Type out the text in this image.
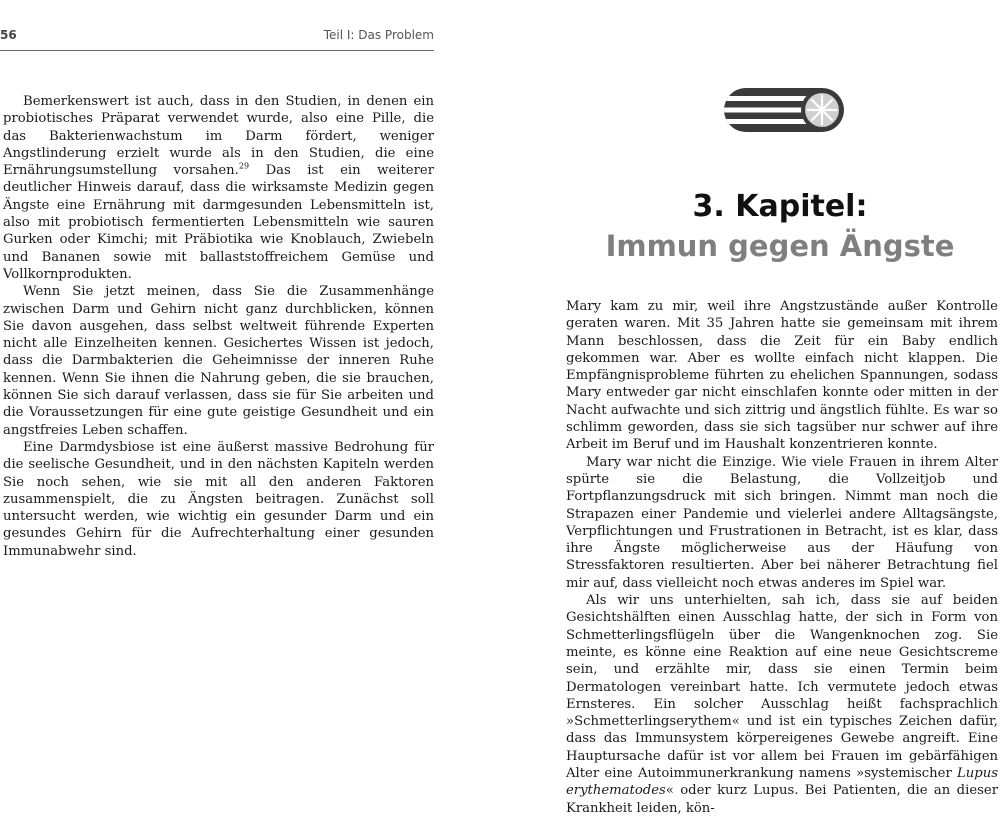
56	Teil I: Das Problem

Bemerkenswert ist auch, dass in den Studien, in denen ein probiotisches Präparat verwendet wurde, also eine Pille, die das Bakterienwachstum im Darm fördert, weniger Angstlinderung erzielt wurde als in den Studien, die eine Ernährungsumstellung vorsahen.$^{29}$ Das ist ein weiterer deutlicher Hinweis darauf, dass die wirksamste Medizin gegen Ängste eine Ernährung mit darmgesunden Lebensmitteln ist, also mit probiotisch fermentierten Lebensmitteln wie sauren Gurken oder Kimchi; mit Präbiotika wie Knoblauch, Zwiebeln und Bananen sowie mit ballaststoffreichem Gemüse und Vollkornprodukten.

Wenn Sie jetzt meinen, dass Sie die Zusammenhänge zwischen Darm und Gehirn nicht ganz durchblicken, können Sie davon ausgehen, dass selbst weltweit führende Experten nicht alle Einzelheiten kennen. Gesichertes Wissen ist jedoch, dass die Darmbakterien die Geheimnisse der inneren Ruhe kennen. Wenn Sie ihnen die Nahrung geben, die sie brauchen, können Sie sich darauf verlassen, dass sie für Sie arbeiten und die Voraussetzungen für eine gute geistige Gesundheit und ein angstfreies Leben schaffen.

Eine Darmdysbiose ist eine äußerst massive Bedrohung für die seelische Gesundheit, und in den nächsten Kapiteln werden Sie noch sehen, wie sie mit all den anderen Faktoren zusammenspielt, die zu Ängsten beitragen. Zunächst soll untersucht werden, wie wichtig ein gesunder Darm und ein gesundes Gehirn für die Aufrechterhaltung einer gesunden Immunabwehr sind.

3. Kapitel:
Immun gegen Ängste

Mary kam zu mir, weil ihre Angstzustände außer Kontrolle geraten waren. Mit 35 Jahren hatte sie gemeinsam mit ihrem Mann beschlossen, dass die Zeit für ein Baby endlich gekommen war. Aber es wollte einfach nicht klappen. Die Empfängnisprobleme führten zu ehelichen Spannungen, sodass Mary entweder gar nicht einschlafen konnte oder mitten in der Nacht aufwachte und sich zittrig und ängstlich fühlte. Es war so schlimm geworden, dass sie sich tagsüber nur schwer auf ihre Arbeit im Beruf und im Haushalt konzentrieren konnte.

Mary war nicht die Einzige. Wie viele Frauen in ihrem Alter spürte sie die Belastung, die Vollzeitjob und Fortpflanzungsdruck mit sich bringen. Nimmt man noch die Strapazen einer Pandemie und vielerlei andere Alltagsängste, Verpflichtungen und Frustrationen in Betracht, ist es klar, dass ihre Ängste möglicherweise aus der Häufung von Stressfaktoren resultierten. Aber bei näherer Betrachtung fiel mir auf, dass vielleicht noch etwas anderes im Spiel war.

Als wir uns unterhielten, sah ich, dass sie auf beiden Gesichtshälften einen Ausschlag hatte, der sich in Form von Schmetterlingsflügeln über die Wangenknochen zog. Sie meinte, es könne eine Reaktion auf eine neue Gesichtscreme sein, und erzählte mir, dass sie einen Termin beim Dermatologen vereinbart hatte. Ich vermutete jedoch etwas Ernsteres. Ein solcher Ausschlag heißt fachsprachlich »Schmetterlingserythem« und ist ein typisches Zeichen dafür, dass das Immunsystem körpereigenes Gewebe angreift. Eine Hauptursache dafür ist vor allem bei Frauen im gebärfähigen Alter eine Autoimmunerkrankung namens »systemischer Lupus erythematodes« oder kurz Lupus. Bei Patienten, die an dieser Krankheit leiden, kön-
